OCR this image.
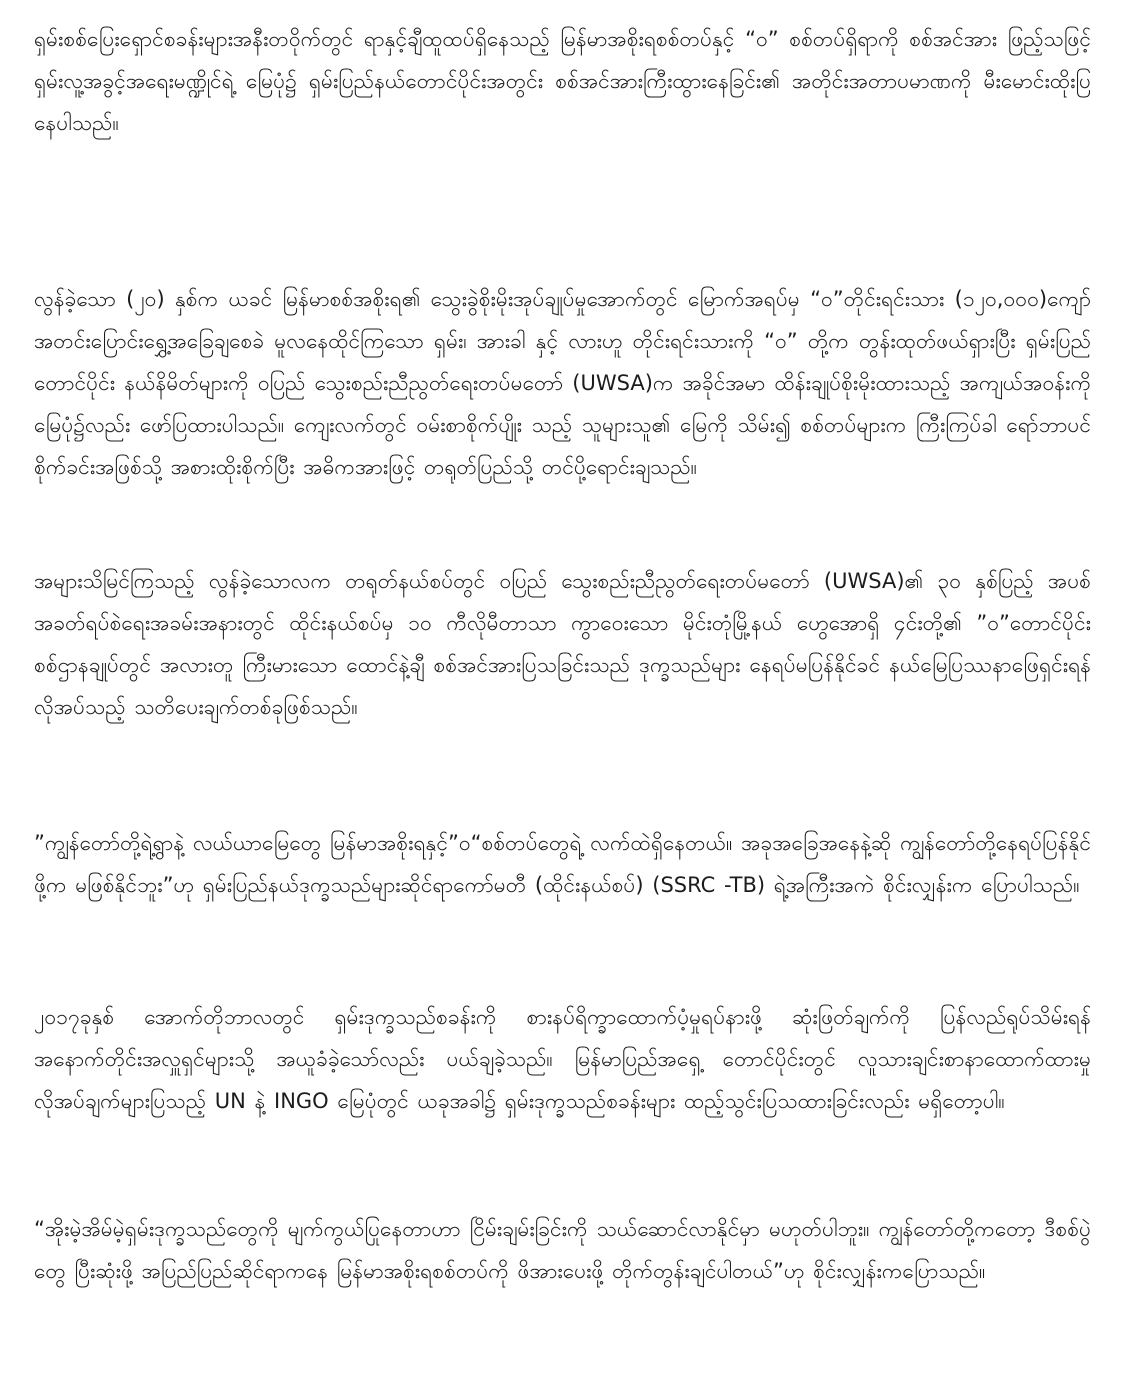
ရှမ်းစစ်ပြေးရှောင်စခန်းများအနီးတဝိုက်တွင် ရာနှင့်ချီထူထပ်ရှိနေသည့် မြန်မာအစိုးရစစ်တပ်နှင့် “ဝ” စစ်တပ်ရှိရာကို စစ်အင်အား ဖြည့်သဖြင့် ရှမ်းလူ့အခွင့်အရေးမဏ္ဍိုင်ရဲ့ မြေပုံ၌ ရှမ်းပြည်နယ်တောင်ပိုင်းအတွင်း စစ်အင်အားကြီးထွားနေခြင်း၏ အတိုင်းအတာပမာဏကို မီးမောင်းထိုးပြနေပါသည်။

လွန်ခဲ့သော (၂၀) နှစ်က ယခင် မြန်မာစစ်အစိုးရ၏ သွေးခွဲစိုးမိုးအုပ်ချုပ်မှုအောက်တွင် မြောက်အရပ်မှ “ဝ”တိုင်းရင်းသား (၁၂၀,၀၀၀)ကျော် အတင်းပြောင်းရွှေ့အခြေချစေခဲ မူလနေထိုင်ကြသော ရှမ်း၊ အားခါ နှင့် လားဟူ တိုင်းရင်းသားကို “ဝ” တို့က တွန်းထုတ်ဖယ်ရှားပြီး ရှမ်းပြည်တောင်ပိုင်း နယ်နိမိတ်များကို ဝပြည် သွေးစည်းညီညွတ်ရေးတပ်မတော် (UWSA)က အခိုင်အမာ ထိန်းချုပ်စိုးမိုးထားသည့် အကျယ်အဝန်းကို မြေပုံ၌လည်း ဖော်ပြထားပါသည်။ ကျေးလက်တွင် ဝမ်းစာစိုက်ပျိုး သည့် သူများသူ၏ မြေကို သိမ်း၍ စစ်တပ်များက ကြီးကြပ်ခါ ရော်ဘာပင်စိုက်ခင်းအဖြစ်သို့ အစားထိုးစိုက်ပြီး အဓိကအားဖြင့် တရုတ်ပြည်သို့ တင်ပို့ရောင်းချသည်။

အများသိမြင်ကြသည့် လွန်ခဲ့သောလက တရုတ်နယ်စပ်တွင် ဝပြည် သွေးစည်းညီညွတ်ရေးတပ်မတော် (UWSA)၏ ၃၀ နှစ်ပြည့် အပစ်အခတ်ရပ်စဲရေးအခမ်းအနားတွင် ထိုင်းနယ်စပ်မှ ၁၀ ကီလိုမီတာသာ ကွာဝေးသော မိုင်းတုံမြို့နယ် ဟွေအောရှိ ၄င်းတို့၏ ”ဝ”တောင်ပိုင်းစစ်ဌာနချုပ်တွင် အလားတူ ကြီးမားသော ထောင်နဲ့ချီ စစ်အင်အားပြသခြင်းသည် ဒုက္ခသည်များ နေရပ်မပြန်နိုင်ခင် နယ်မြေပြဿနာဖြေရှင်းရန် လိုအပ်သည့် သတိပေးချက်တစ်ခုဖြစ်သည်။

”ကျွန်တော်တို့ရဲ့ရွာနဲ့ လယ်ယာမြေတွေ မြန်မာအစိုးရနှင့်”ဝ“စစ်တပ်တွေရဲ့ လက်ထဲရှိနေတယ်။ အခုအခြေအနေနဲ့ဆို ကျွန်တော်တို့နေရပ်ပြန်နိုင်ဖို့က မဖြစ်နိုင်ဘူး”ဟု ရှမ်းပြည်နယ်ဒုက္ခသည်များဆိုင်ရာကော်မတီ (ထိုင်းနယ်စပ်) (SSRC -TB) ရဲ့အကြီးအကဲ စိုင်းလျှန်းက ပြောပါသည်။

၂၀၁၇ခုနှစ် အောက်တိုဘာလတွင် ရှမ်းဒုက္ခသည်စခန်းကို စားနပ်ရိက္ခာထောက်ပံ့မှုရပ်နားဖို့ ဆုံးဖြတ်ချက်ကို ပြန်လည်ရုပ်သိမ်းရန် အနောက်တိုင်းအလှူရှင်များသို့ အယူခံခဲ့သော်လည်း ပယ်ချခဲ့သည်။ မြန်မာပြည်အရှေ့ တောင်ပိုင်းတွင် လူသားချင်းစာနာထောက်ထားမှု လိုအပ်ချက်များပြသည့် UN နဲ့ INGO မြေပုံတွင် ယခုအခါ၌ ရှမ်းဒုက္ခသည်စခန်းများ ထည့်သွင်းပြသထားခြင်းလည်း မရှိတော့ပါ။

“အိုးမဲ့အိမ်မဲ့ရှမ်းဒုက္ခသည်တွေကို မျက်ကွယ်ပြုနေတာဟာ ငြိမ်းချမ်းခြင်းကို သယ်ဆောင်လာနိုင်မှာ မဟုတ်ပါဘူး။ ကျွန်တော်တို့ကတော့ ဒီစစ်ပွဲတွေ ပြီးဆုံးဖို့ အပြည်ပြည်ဆိုင်ရာကနေ မြန်မာအစိုးရစစ်တပ်ကို ဖိအားပေးဖို့ တိုက်တွန်းချင်ပါတယ်”ဟု စိုင်းလျှန်းကပြောသည်။
